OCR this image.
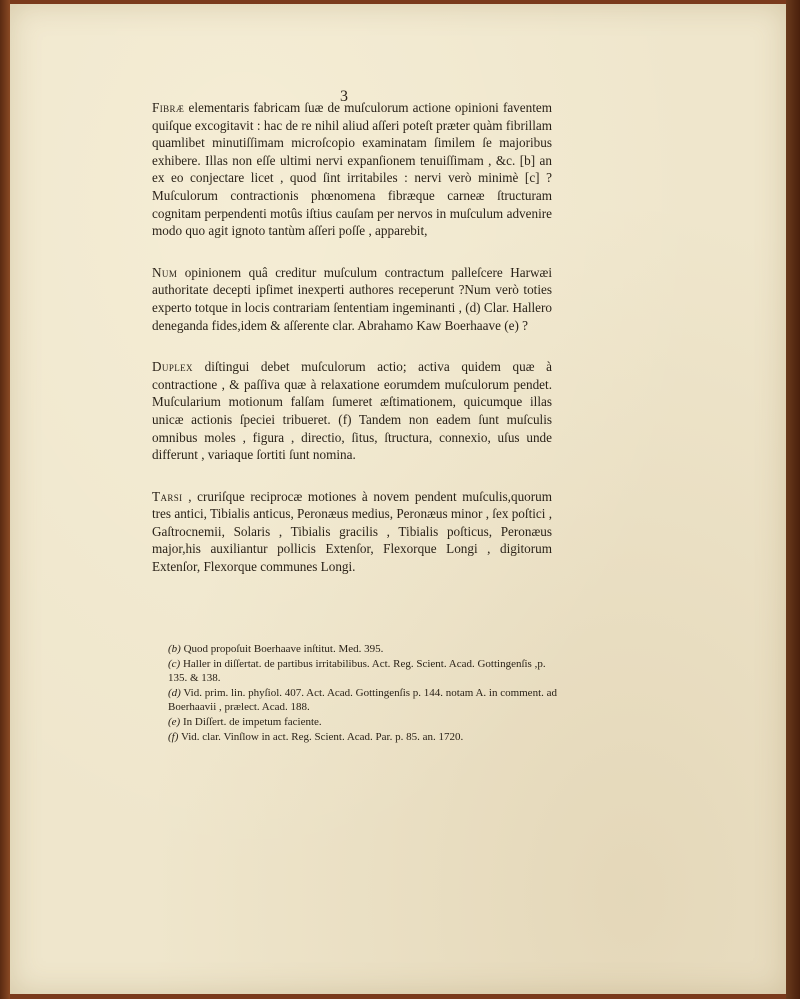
3

Fibræ elementaris fabricam ſuæ de muſculorum actione opinioni faventem quiſque excogitavit : hac de re nihil aliud aſſeri poteſt præter quàm fibrillam quamlibet minutiſſimam microſcopio examinatam ſimilem ſe majoribus exhibere. Illas non eſſe ultimi nervi expanſionem tenuiſſimam , &c. [b] an ex eo conjectare licet , quod ſint irritabiles : nervi verò minimè [c] ? Muſculorum contractionis phœnomena fibræque carneæ ſtructuram cognitam perpendenti motûs iſtius cauſam per nervos in muſculum advenire modo quo agit ignoto tantùm aſſeri poſſe , apparebit,

Num opinionem quâ creditur muſculum contractum palleſcere Harwæi authoritate decepti ipſimet inexperti authores receperunt ?Num verò toties experto totque in locis contrariam ſententiam ingeminanti , (d) Clar. Hallero denegandа fides,idem & aſſerente clar. Abrahamo Kaw Boerhaave (e) ?

Duplex diſtingui debet muſculorum actio; activa quidem quæ à contractione , & paſſiva quæ à relaxatione eorumdem muſculorum pendet. Muſcularium motionum falſam ſumeret æſtimationem, quicumque illas unicæ actionis ſpeciei tribueret. (f) Tandem non eadem ſunt muſculis omnibus moles , figura , directio, ſitus, ſtructura, connexio, uſus unde differunt , variaque ſortiti ſunt nomina.

Tarsi , cruriſque reciprocæ motiones à novem pendent muſculis,quorum tres antici, Tibialis anticus, Peronæus medius, Peronæus minor , ſex poſtici , Gaſtrocnemii, Solaris , Tibialis gracilis , Tibialis poſticus, Peronæus major,his auxiliantur pollicis Extenſor, Flexorque Longi , digitorum Extenſor, Flexorque communes Longi.

(b) Quod propoſuit Boerhaave inſtitut. Med. 395.

(c) Haller in diſſertat. de partibus irritabilibus. Act. Reg. Scient. Acad. Gottingenſis ,p. 135. & 138.

(d) Vid. prim. lin. phyſiol. 407. Act. Acad. Gottingenſis p. 144. notam A. in comment. ad Boerhaavii , prælect. Acad. 188.

(e) In Diſſert. de impetum faciente.

(f) Vid. clar. Vinſlow in act. Reg. Scient. Acad. Par. p. 85. an. 1720.
